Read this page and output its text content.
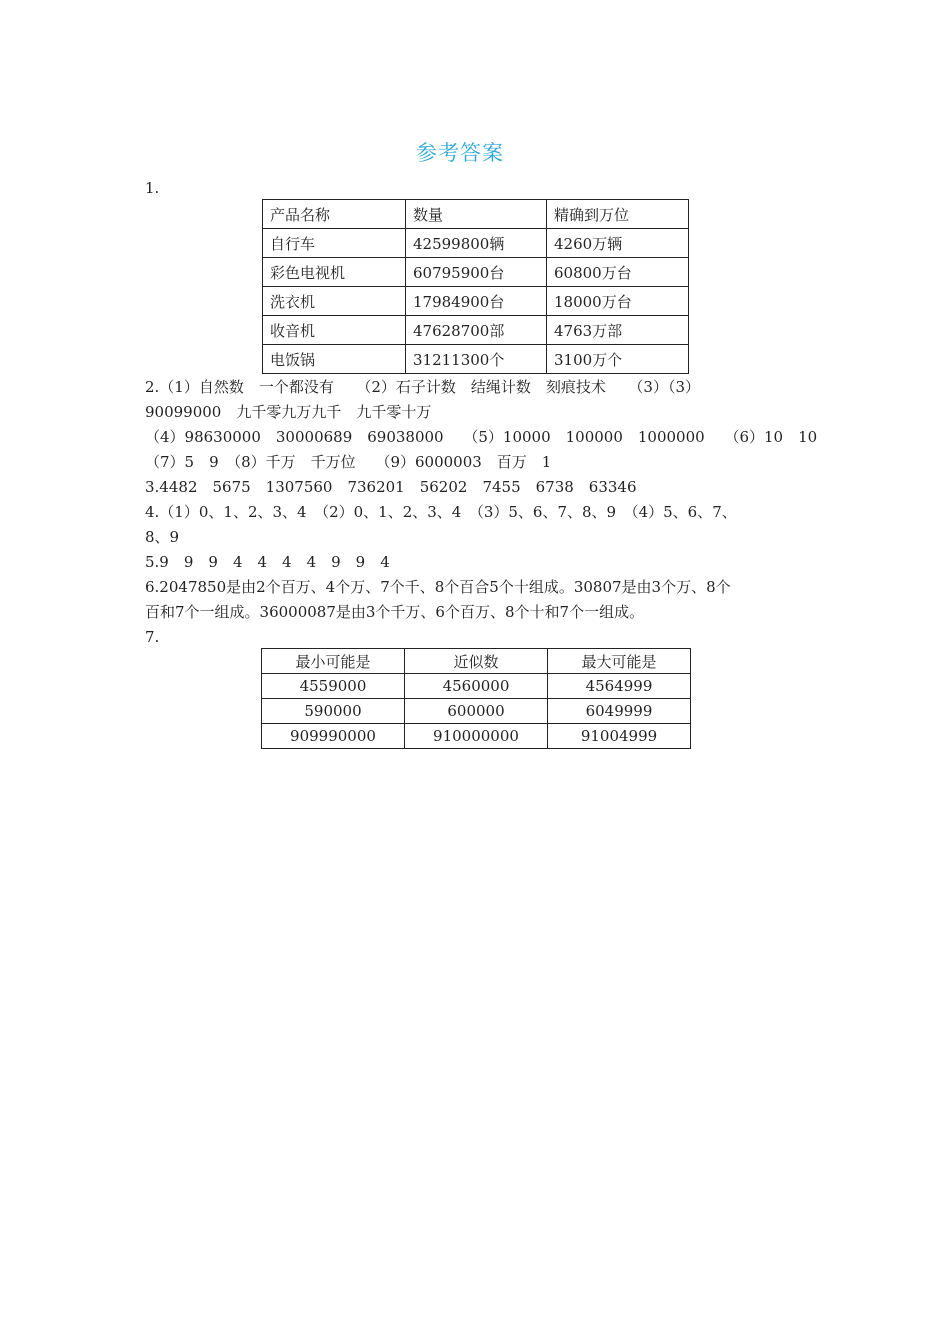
参考答案
1.
产品名称	数量	精确到万位
自行车	42599800辆	4260万辆
彩色电视机	60795900台	60800万台
洗衣机	17984900台	18000万台
收音机	47628700部	4763万部
电饭锅	31211300个	3100万个
2.（1）自然数　一个都没有　　（2）石子计数　结绳计数　刻痕技术　　（3）（3）
90099000　九千零九万九千　九千零十万
（4）98630000　30000689　69038000　 （5）10000　100000　1000000　 （6）10　10
（7）5　9　（8）千万　千万位　 （9）6000003　百万　1
3.4482　5675　1307560　736201　56202　7455　6738　63346
4.（1）0、1、2、3、4　（2）0、1、2、3、4　（3）5、6、7、8、9　（4）5、6、7、
8、9
5.9　9　9　4　4　4　4　9　9　4
6.2047850是由2个百万、4个万、7个千、8个百合5个十组成。30807是由3个万、8个
百和7个一组成。36000087是由3个千万、6个百万、8个十和7个一组成。
7.
最小可能是	近似数	最大可能是
4559000	4560000	4564999
590000	600000	6049999
909990000	910000000	91004999
